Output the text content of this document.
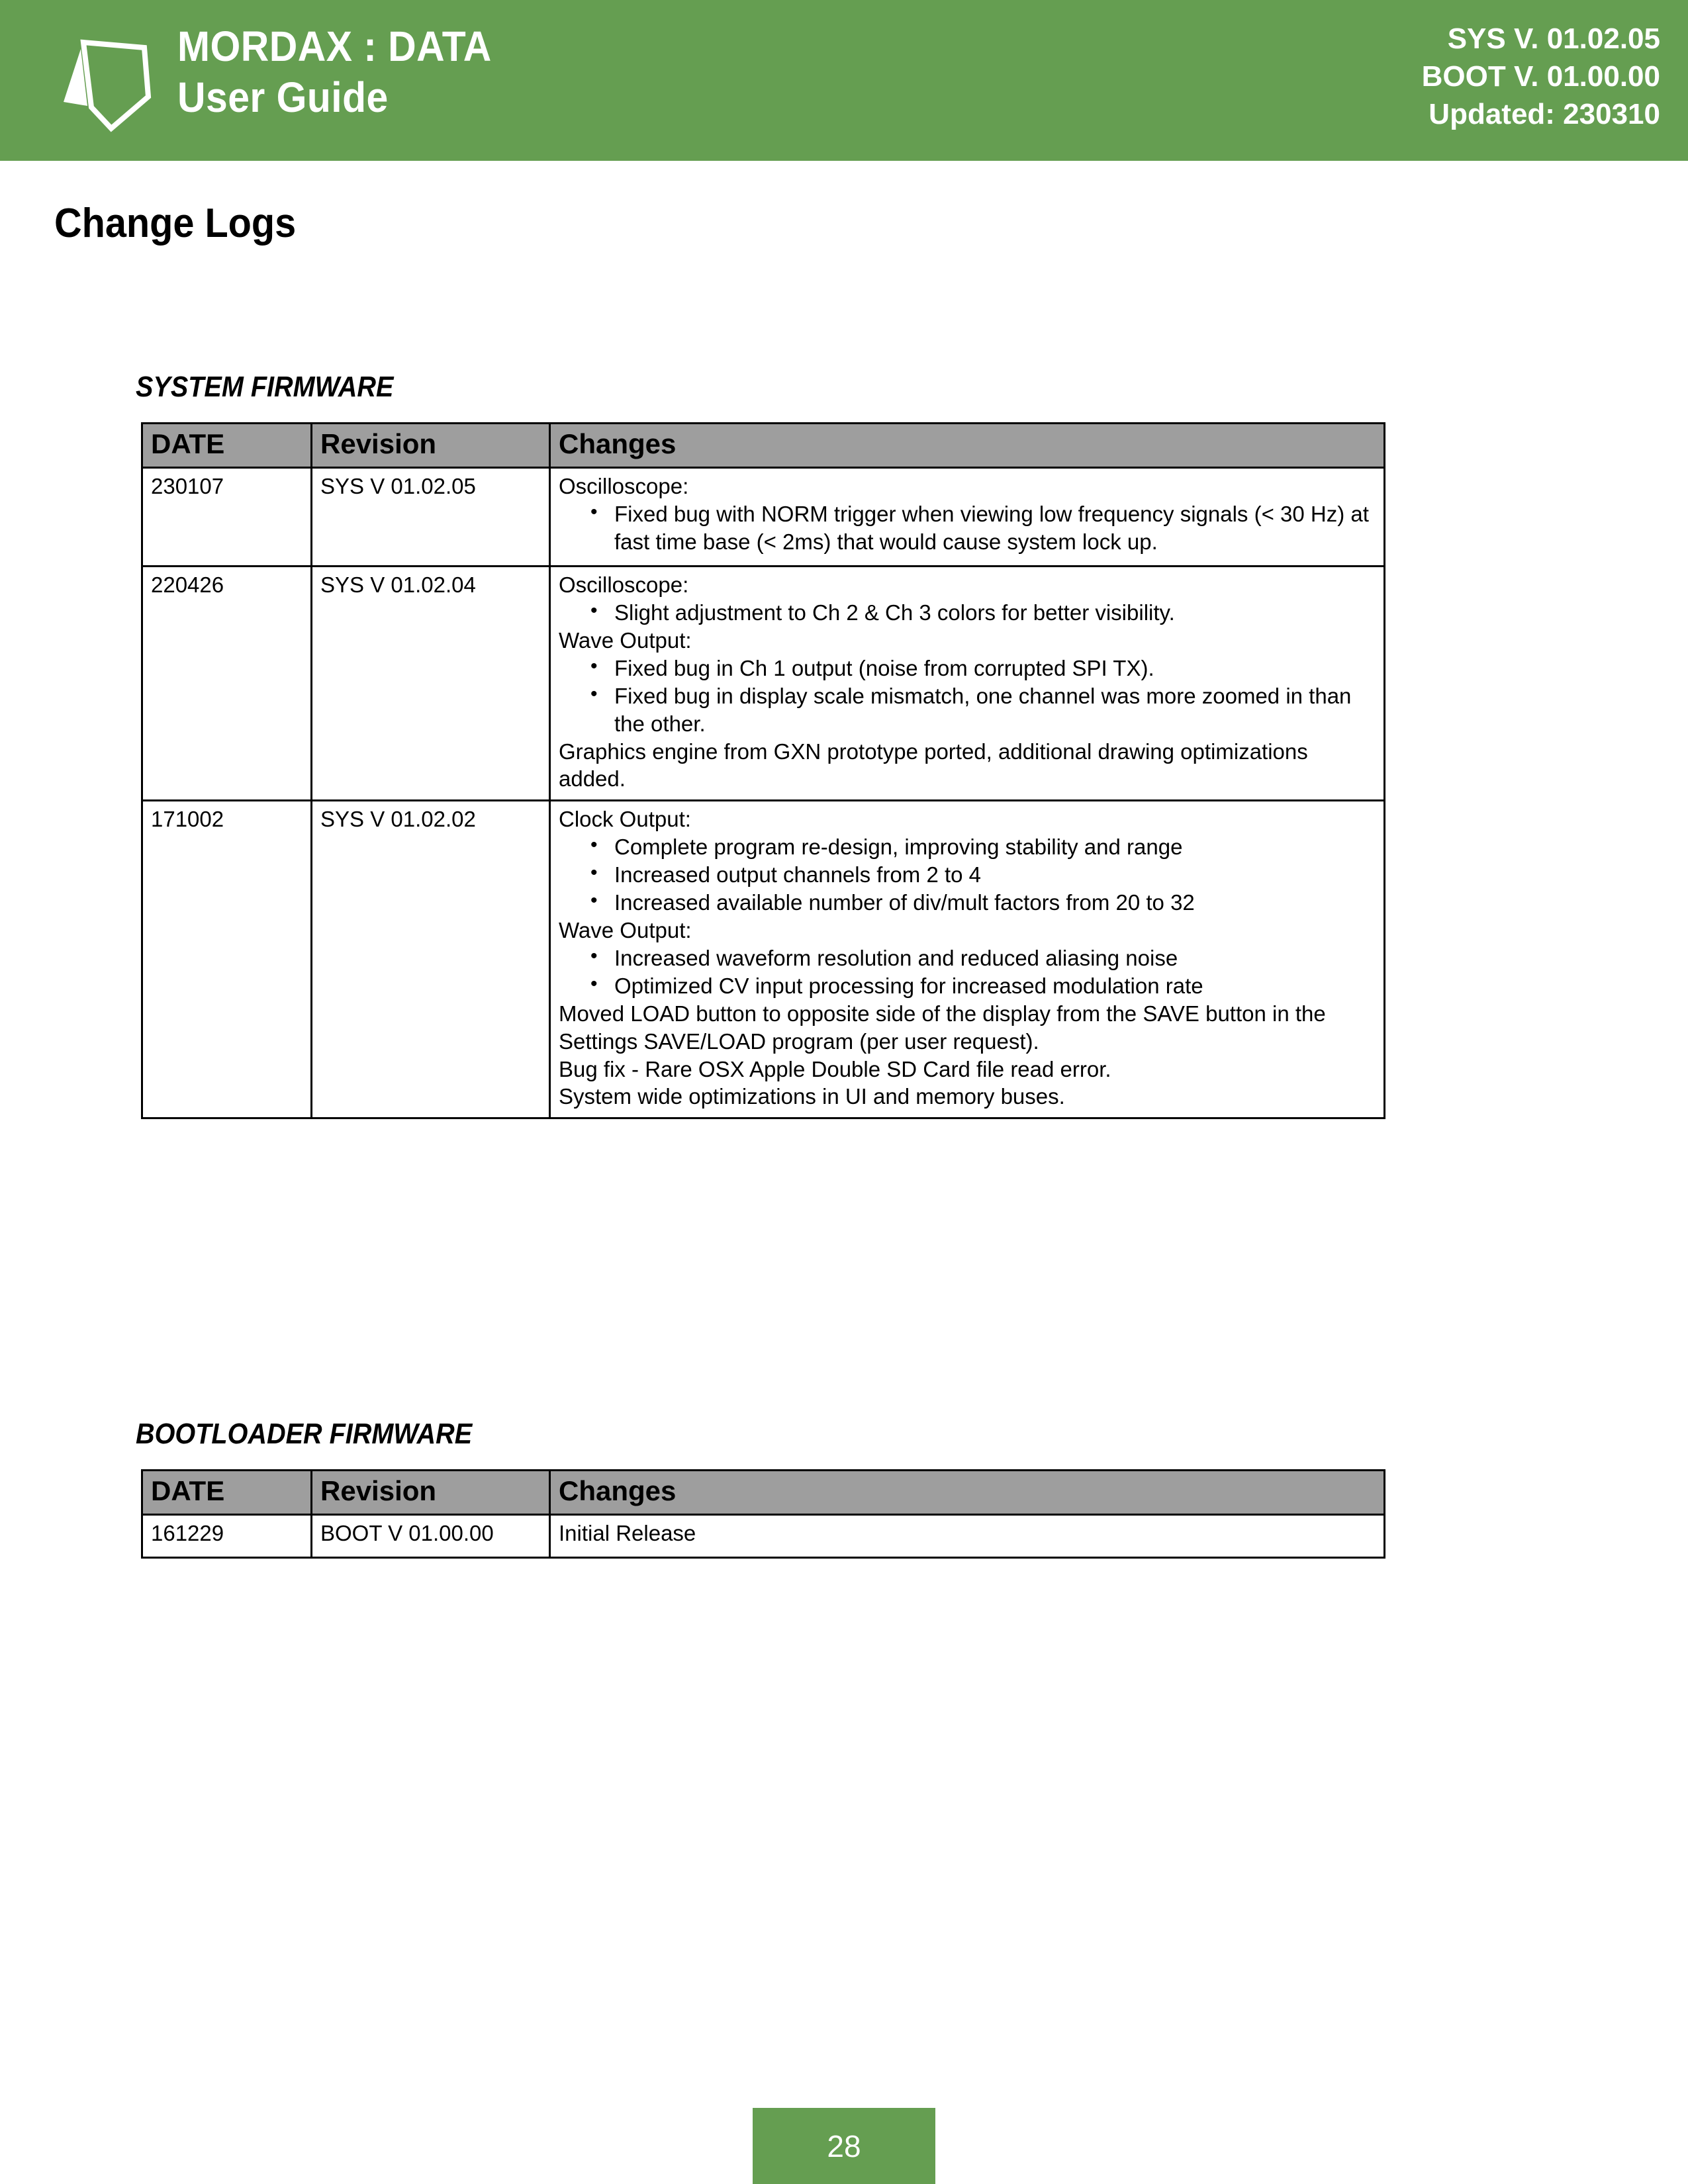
MORDAX : DATA
User Guide
SYS V. 01.02.05
BOOT V. 01.00.00
Updated: 230310
Change Logs
SYSTEM FIRMWARE
DATE	Revision	Changes
230107	SYS V 01.02.05	Oscilloscope:

• Fixed bug with NORM trigger when viewing low frequency signals (< 30 Hz) at fast time base (< 2ms) that would cause system lock up.

220426	SYS V 01.02.04	Oscilloscope:

• Slight adjustment to Ch 2 & Ch 3 colors for better visibility.

Wave Output:

• Fixed bug in Ch 1 output (noise from corrupted SPI TX).
• Fixed bug in display scale mismatch, one channel was more zoomed in than the other.

Graphics engine from GXN prototype ported, additional drawing optimizations added.

171002	SYS V 01.02.02	Clock Output:

• Complete program re-design, improving stability and range
• Increased output channels from 2 to 4
• Increased available number of div/mult factors from 20 to 32

Wave Output:

• Increased waveform resolution and reduced aliasing noise
• Optimized CV input processing for increased modulation rate

Moved LOAD button to opposite side of the display from the SAVE button in the Settings SAVE/LOAD program (per user request).

Bug fix - Rare OSX Apple Double SD Card file read error.

System wide optimizations in UI and memory buses.

BOOTLOADER FIRMWARE
DATE	Revision	Changes
161229	BOOT V 01.00.00	Initial Release

28
